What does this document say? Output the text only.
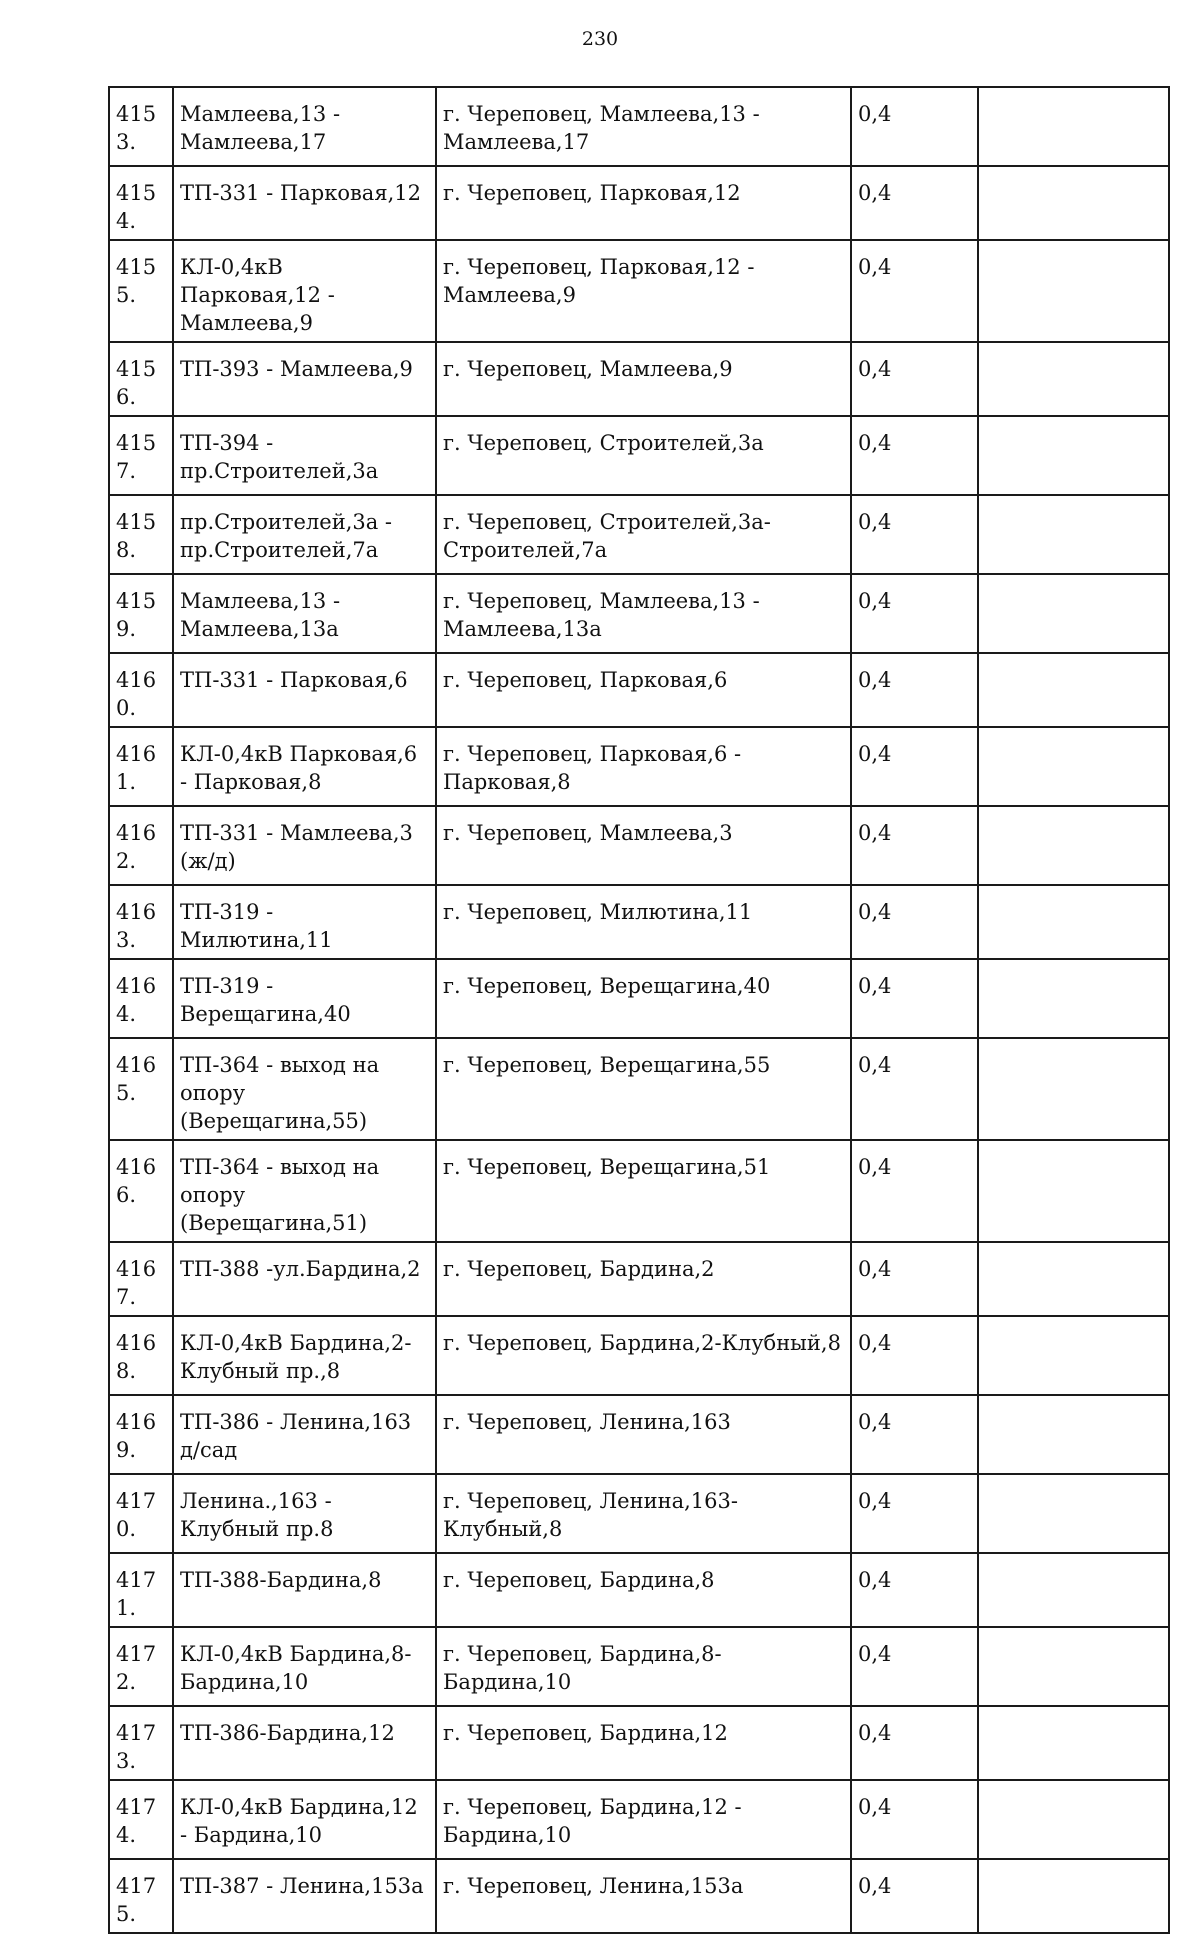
230
4153.	Мамлеева,13 - Мамлеева,17	г. Череповец, Мамлеева,13 - Мамлеева,17	0,4	
4154.	ТП-331 - Парковая,12	г. Череповец, Парковая,12	0,4	
4155.	КЛ-0,4кВ Парковая,12 - Мамлеева,9	г. Череповец, Парковая,12 - Мамлеева,9	0,4	
4156.	ТП-393 - Мамлеева,9	г. Череповец, Мамлеева,9	0,4	
4157.	ТП-394 - пр.Строителей,3а	г. Череповец, Строителей,3а	0,4	
4158.	пр.Строителей,3а - пр.Строителей,7а	г. Череповец, Строителей,3а-Строителей,7а	0,4	
4159.	Мамлеева,13 - Мамлеева,13а	г. Череповец, Мамлеева,13 - Мамлеева,13а	0,4	
4160.	ТП-331 - Парковая,6	г. Череповец, Парковая,6	0,4	
4161.	КЛ-0,4кВ Парковая,6 - Парковая,8	г. Череповец, Парковая,6 - Парковая,8	0,4	
4162.	ТП-331 - Мамлеева,3 (ж/д)	г. Череповец, Мамлеева,3	0,4	
4163.	ТП-319 - Милютина,11	г. Череповец, Милютина,11	0,4	
4164.	ТП-319 - Верещагина,40	г. Череповец, Верещагина,40	0,4	
4165.	ТП-364 - выход на опору (Верещагина,55)	г. Череповец, Верещагина,55	0,4	
4166.	ТП-364 - выход на опору (Верещагина,51)	г. Череповец, Верещагина,51	0,4	
4167.	ТП-388 -ул.Бардина,2	г. Череповец, Бардина,2	0,4	
4168.	КЛ-0,4кВ Бардина,2-Клубный пр.,8	г. Череповец, Бардина,2-Клубный,8	0,4	
4169.	ТП-386 - Ленина,163 д/сад	г. Череповец, Ленина,163	0,4	
4170.	Ленина.,163 - Клубный пр.8	г. Череповец, Ленина,163-Клубный,8	0,4	
4171.	ТП-388-Бардина,8	г. Череповец, Бардина,8	0,4	
4172.	КЛ-0,4кВ Бардина,8-Бардина,10	г. Череповец, Бардина,8-Бардина,10	0,4	
4173.	ТП-386-Бардина,12	г. Череповец, Бардина,12	0,4	
4174.	КЛ-0,4кВ Бардина,12 - Бардина,10	г. Череповец, Бардина,12 - Бардина,10	0,4	
4175.	ТП-387 - Ленина,153а	г. Череповец, Ленина,153а	0,4	
